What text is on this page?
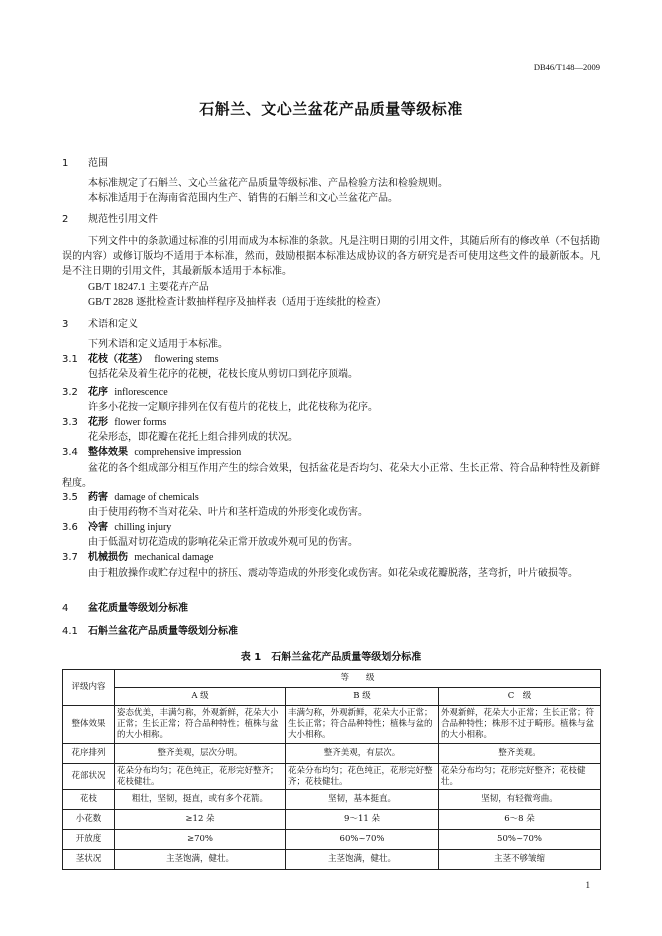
DB46/T148—2009
石斛兰、文心兰盆花产品质量等级标准
1 范围
本标准规定了石斛兰、文心兰盆花产品质量等级标准、产品检验方法和检验规则。
本标准适用于在海南省范围内生产、销售的石斛兰和文心兰盆花产品。
2 规范性引用文件
下列文件中的条款通过标准的引用而成为本标准的条款。凡是注明日期的引用文件，其随后所有的修改单（不包括勘误的内容）或修订版均不适用于本标准，然而，鼓励根据本标准达成协议的各方研究是否可使用这些文件的最新版本。凡是不注日期的引用文件，其最新版本适用于本标准。
GB/T 18247.1 主要花卉产品
GB/T 2828 逐批检查计数抽样程序及抽样表（适用于连续批的检查）
3 术语和定义
下列术语和定义适用于本标准。
3.1 花枝（花茎） flowering stems
包括花朵及着生花序的花梗，花枝长度从剪切口到花序顶端。
3.2 花序 inflorescence
许多小花按一定顺序排列在仅有苞片的花枝上，此花枝称为花序。
3.3 花形 flower forms
花朵形态，即花瓣在花托上组合排列成的状况。
3.4 整体效果 comprehensive impression
盆花的各个组成部分相互作用产生的综合效果，包括盆花是否均匀、花朵大小正常、生长正常、符合品种特性及新鲜程度。
3.5 药害 damage of chemicals
由于使用药物不当对花朵、叶片和茎杆造成的外形变化或伤害。
3.6 冷害 chilling injury
由于低温对切花造成的影响花朵正常开放或外观可见的伤害。
3.7 机械损伤 mechanical damage
由于粗放操作或贮存过程中的挤压、震动等造成的外形变化或伤害。如花朵或花瓣脱落，茎弯折，叶片破损等。
4 盆花质量等级划分标准
4.1 石斛兰盆花产品质量等级划分标准
表 1　石斛兰盆花产品质量等级划分标准
评级内容	等　　级		
	A 级	B 级	C　级
整体效果	姿态优美，丰满匀称，外观新鲜，花朵大小正常；生长正常；符合品种特性；植株与盆的大小相称。	丰满匀称，外观新鲜，花朵大小正常；生长正常；符合品种特性；植株与盆的大小相称。	外观新鲜，花朵大小正常；生长正常；符合品种特性；株形不过于畸形。植株与盆的大小相称。
花序排列	整齐美观，层次分明。	整齐美观，有层次。	整齐美观。
花部状况	花朵分布均匀；花色纯正，花形完好整齐；花枝健壮。	花朵分布均匀；花色纯正，花形完好整齐；花枝健壮。	花朵分布均匀；花形完好整齐；花枝健壮。
花枝	粗壮，坚韧，挺直，或有多个花箭。	坚韧，基本挺直。	坚韧，有轻微弯曲。
小花数	≥12 朵	9～11 朵	6～8 朵
开放度	≥70%	60%~70%	50%~70%
茎状况	主茎饱满，健壮。	主茎饱满，健壮。	主茎不够皱缩
1
